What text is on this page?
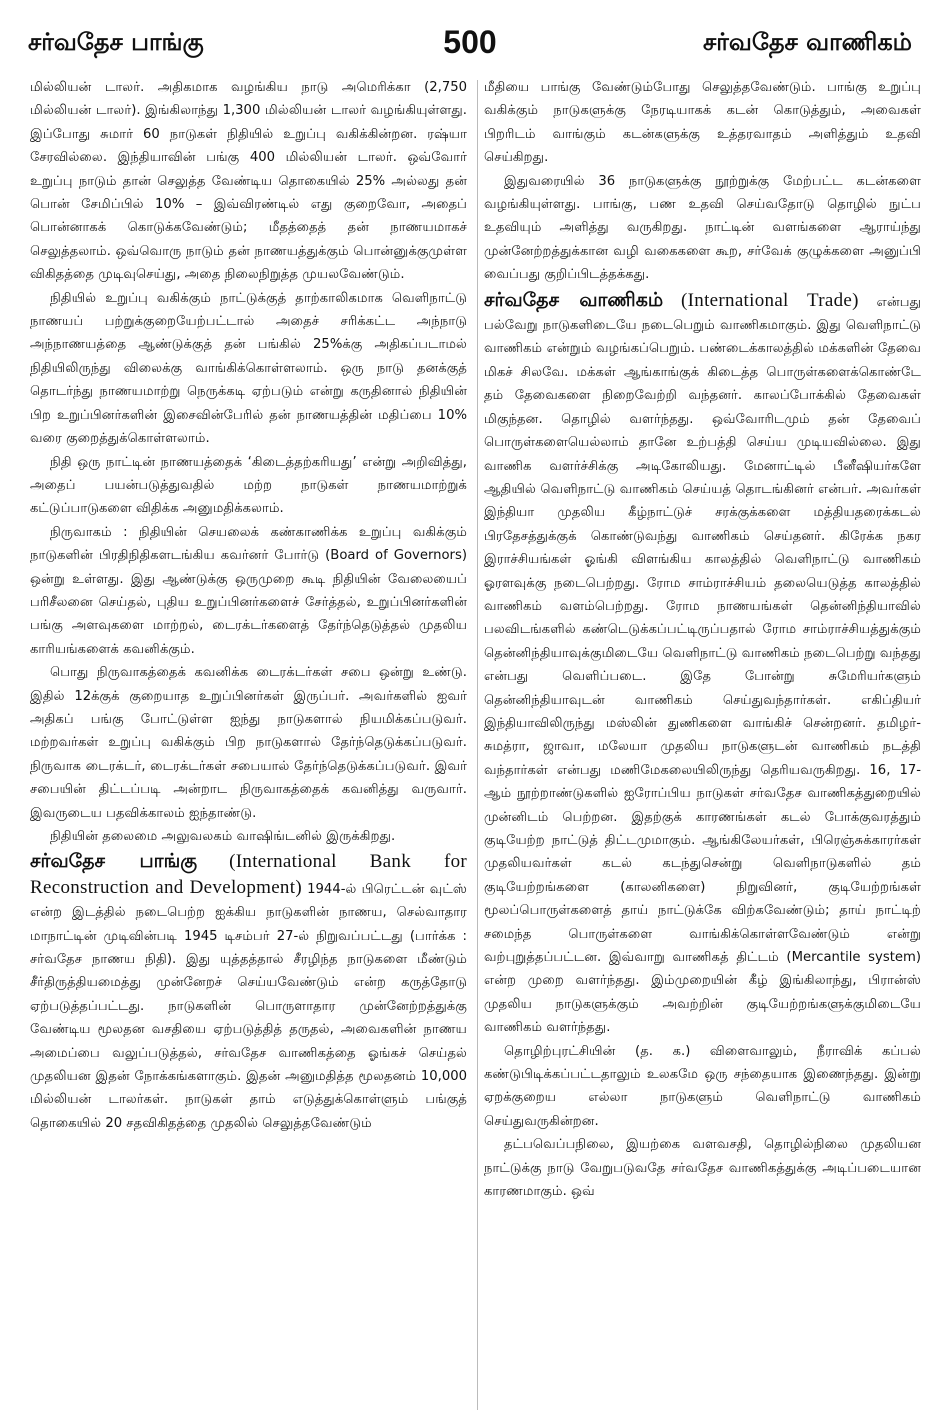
சர்வதேச பாங்கு	500	சர்வதேச வாணிகம்

மில்லியன் டாலர். அதிகமாக வழங்கிய நாடு அமெரிக்கா (2,750 மில்லியன் டாலர்). இங்கிலாந்து 1,300 மில்லியன் டாலர் வழங்கியுள்ளது. இப்போது சுமார் 60 நாடுகள் நிதியில் உறுப்பு வகிக்கின்றன. ரஷ்யா சேரவில்லை. இந்தியாவின் பங்கு 400 மில்லியன் டாலர். ஒவ்வோர் உறுப்பு நாடும் தான் செலுத்த வேண்டிய தொகையில் 25% அல்லது தன் பொன் சேமிப்பில் 10% – இவ்விரண்டில் எது குறைவோ, அதைப் பொன்னாகக் கொடுக்கவேண்டும்; மீதத்தைத் தன் நாணயமாகச் செலுத்தலாம். ஒவ்வொரு நாடும் தன் நாணயத்துக்கும் பொன்னுக்குமுள்ள விகிதத்தை முடிவுசெய்து, அதை நிலைநிறுத்த முயலவேண்டும்.

நிதியில் உறுப்பு வகிக்கும் நாட்டுக்குத் தாற்காலிகமாக வெளிநாட்டு நாணயப் பற்றுக்குறையேற்பட்டால் அதைச் சரிக்கட்ட அந்நாடு அந்நாணயத்தை ஆண்டுக்குத் தன் பங்கில் 25%க்கு அதிகப்படாமல் நிதியிலிருந்து விலைக்கு வாங்கிக்கொள்ளலாம். ஒரு நாடு தனக்குத் தொடர்ந்து நாணயமாற்று நெருக்கடி ஏற்படும் என்று கருதினால் நிதியின் பிற உறுப்பினர்களின் இசைவின்பேரில் தன் நாணயத்தின் மதிப்பை 10% வரை குறைத்துக்கொள்ளலாம்.

நிதி ஒரு நாட்டின் நாணயத்தைக் ‘கிடைத்தற்கரியது’ என்று அறிவித்து, அதைப் பயன்படுத்துவதில் மற்ற நாடுகள் நாணயமாற்றுக் கட்டுப்பாடுகளை விதிக்க அனுமதிக்கலாம்.

நிருவாகம் : நிதியின் செயலைக் கண்காணிக்க உறுப்பு வகிக்கும் நாடுகளின் பிரதிநிதிகளடங்கிய கவர்னர் போர்டு (Board of Governors) ஒன்று உள்ளது. இது ஆண்டுக்கு ஒருமுறை கூடி நிதியின் வேலையைப் பரிசீலனை செய்தல், புதிய உறுப்பினர்களைச் சேர்த்தல், உறுப்பினர்களின் பங்கு அளவுகளை மாற்றல், டைரக்டர்களைத் தேர்ந்தெடுத்தல் முதலிய காரியங்களைக் கவனிக்கும்.

பொது நிருவாகத்தைக் கவனிக்க டைரக்டர்கள் சபை ஒன்று உண்டு. இதில் 12க்குக் குறையாத உறுப்பினர்கள் இருப்பர். அவர்களில் ஐவர் அதிகப் பங்கு போட்டுள்ள ஐந்து நாடுகளால் நியமிக்கப்படுவர். மற்றவர்கள் உறுப்பு வகிக்கும் பிற நாடுகளால் தேர்ந்தெடுக்கப்படுவர். நிருவாக டைரக்டர், டைரக்டர்கள் சபையால் தேர்ந்தெடுக்கப்படுவர். இவர் சபையின் திட்டப்படி அன்றாட நிருவாகத்தைக் கவனித்து வருவார். இவருடைய பதவிக்காலம் ஐந்தாண்டு.

நிதியின் தலைமை அலுவலகம் வாஷிங்டனில் இருக்கிறது.

சர்வதேச பாங்கு (International Bank for Reconstruction and Development) 1944-ல் பிரெட்டன் வுட்ஸ் என்ற இடத்தில் நடைபெற்ற ஐக்கிய நாடுகளின் நாணய, செல்வாதார மாநாட்டின் முடிவின்படி 1945 டிசம்பர் 27-ல் நிறுவப்பட்டது (பார்க்க : சர்வதேச நாணய நிதி). இது யுத்தத்தால் சீரழிந்த நாடுகளை மீண்டும் சீர்திருத்தியமைத்து முன்னேறச் செய்யவேண்டும் என்ற கருத்தோடு ஏற்படுத்தப்பட்டது. நாடுகளின் பொருளாதார முன்னேற்றத்துக்கு வேண்டிய மூலதன வசதியை ஏற்படுத்தித் தருதல், அவைகளின் நாணய அமைப்பை வலுப்படுத்தல், சர்வதேச வாணிகத்தை ஓங்கச் செய்தல் முதலியன இதன் நோக்கங்களாகும். இதன் அனுமதித்த மூலதனம் 10,000 மில்லியன் டாலர்கள். நாடுகள் தாம் எடுத்துக்கொள்ளும் பங்குத் தொகையில் 20 சதவிகிதத்தை முதலில் செலுத்தவேண்டும்

மீதியை பாங்கு வேண்டும்போது செலுத்தவேண்டும். பாங்கு உறுப்பு வகிக்கும் நாடுகளுக்கு நேரடியாகக் கடன் கொடுத்தும், அவைகள் பிறரிடம் வாங்கும் கடன்களுக்கு உத்தரவாதம் அளித்தும் உதவி செய்கிறது.

இதுவரையில் 36 நாடுகளுக்கு நூற்றுக்கு மேற்பட்ட கடன்களை வழங்கியுள்ளது. பாங்கு, பண உதவி செய்வதோடு தொழில் நுட்ப உதவியும் அளித்து வருகிறது. நாட்டின் வளங்களை ஆராய்ந்து முன்னேற்றத்துக்கான வழி வகைகளை கூற, சர்வேக் குழுக்களை அனுப்பி வைப்பது குறிப்பிடத்தக்கது.

சர்வதேச வாணிகம் (International Trade) என்பது பல்வேறு நாடுகளிடையே நடைபெறும் வாணிகமாகும். இது வெளிநாட்டு வாணிகம் என்றும் வழங்கப்பெறும். பண்டைக்காலத்தில் மக்களின் தேவை மிகச் சிலவே. மக்கள் ஆங்காங்குக் கிடைத்த பொருள்களைக்கொண்டே தம் தேவைகளை நிறைவேற்றி வந்தனர். காலப்போக்கில் தேவைகள் மிகுந்தன. தொழில் வளர்ந்தது. ஒவ்வோரிடமும் தன் தேவைப் பொருள்களையெல்லாம் தானே உற்பத்தி செய்ய முடியவில்லை. இது வாணிக வளர்ச்சிக்கு அடிகோலியது. மேனாட்டில் பீனீஷியர்களே ஆதியில் வெளிநாட்டு வாணிகம் செய்யத் தொடங்கினர் என்பர். அவர்கள் இந்தியா முதலிய கீழ்நாட்டுச் சரக்குக்களை மத்தியதரைக்கடல் பிரதேசத்துக்குக் கொண்டுவந்து வாணிகம் செய்தனர். கிரேக்க நகர இராச்சியங்கள் ஓங்கி விளங்கிய காலத்தில் வெளிநாட்டு வாணிகம் ஓரளவுக்கு நடைபெற்றது. ரோம சாம்ராச்சியம் தலையெடுத்த காலத்தில் வாணிகம் வளம்பெற்றது. ரோம நாணயங்கள் தென்னிந்தியாவில் பலவிடங்களில் கண்டெடுக்கப்பட்டிருப்பதால் ரோம சாம்ராச்சியத்துக்கும் தென்னிந்தியாவுக்குமிடையே வெளிநாட்டு வாணிகம் நடைபெற்று வந்தது என்பது வெளிப்படை. இதே போன்று சுமேரியர்களும் தென்னிந்தியாவுடன் வாணிகம் செய்துவந்தார்கள். எகிப்தியர் இந்தியாவிலிருந்து மஸ்லின் துணிகளை வாங்கிச் சென்றனர். தமிழர்-சுமத்ரா, ஜாவா, மலேயா முதலிய நாடுகளுடன் வாணிகம் நடத்தி வந்தார்கள் என்பது மணிமேகலையிலிருந்து தெரியவருகிறது. 16, 17-ஆம் நூற்றாண்டுகளில் ஐரோப்பிய நாடுகள் சர்வதேச வாணிகத்துறையில் முன்னிடம் பெற்றன. இதற்குக் காரணங்கள் கடல் போக்குவரத்தும் குடியேற்ற நாட்டுத் திட்டமுமாகும். ஆங்கிலேயர்கள், பிரெஞ்சுக்காரர்கள் முதலியவர்கள் கடல் கடந்துசென்று வெளிநாடுகளில் தம் குடியேற்றங்களை (காலனிகளை) நிறுவினர், குடியேற்றங்கள் மூலப்பொருள்களைத் தாய் நாட்டுக்கே விற்கவேண்டும்; தாய் நாட்டிற் சமைந்த பொருள்களை வாங்கிக்கொள்ளவேண்டும் என்று வற்புறுத்தப்பட்டன. இவ்வாறு வாணிகத் திட்டம் (Mercantile system) என்ற முறை வளர்ந்தது. இம்முறையின் கீழ் இங்கிலாந்து, பிரான்ஸ் முதலிய நாடுகளுக்கும் அவற்றின் குடியேற்றங்களுக்குமிடையே வாணிகம் வளர்ந்தது.

தொழிற்புரட்சியின் (த. க.) விளைவாலும், நீராவிக் கப்பல் கண்டுபிடிக்கப்பட்டதாலும் உலகமே ஒரு சந்தையாக இணைந்தது. இன்று ஏறக்குறைய எல்லா நாடுகளும் வெளிநாட்டு வாணிகம் செய்துவருகின்றன.

தட்பவெப்பநிலை, இயற்கை வளவசதி, தொழில்நிலை முதலியன நாட்டுக்கு நாடு வேறுபடுவதே சர்வதேச வாணிகத்துக்கு அடிப்படையான காரணமாகும். ஒவ்
